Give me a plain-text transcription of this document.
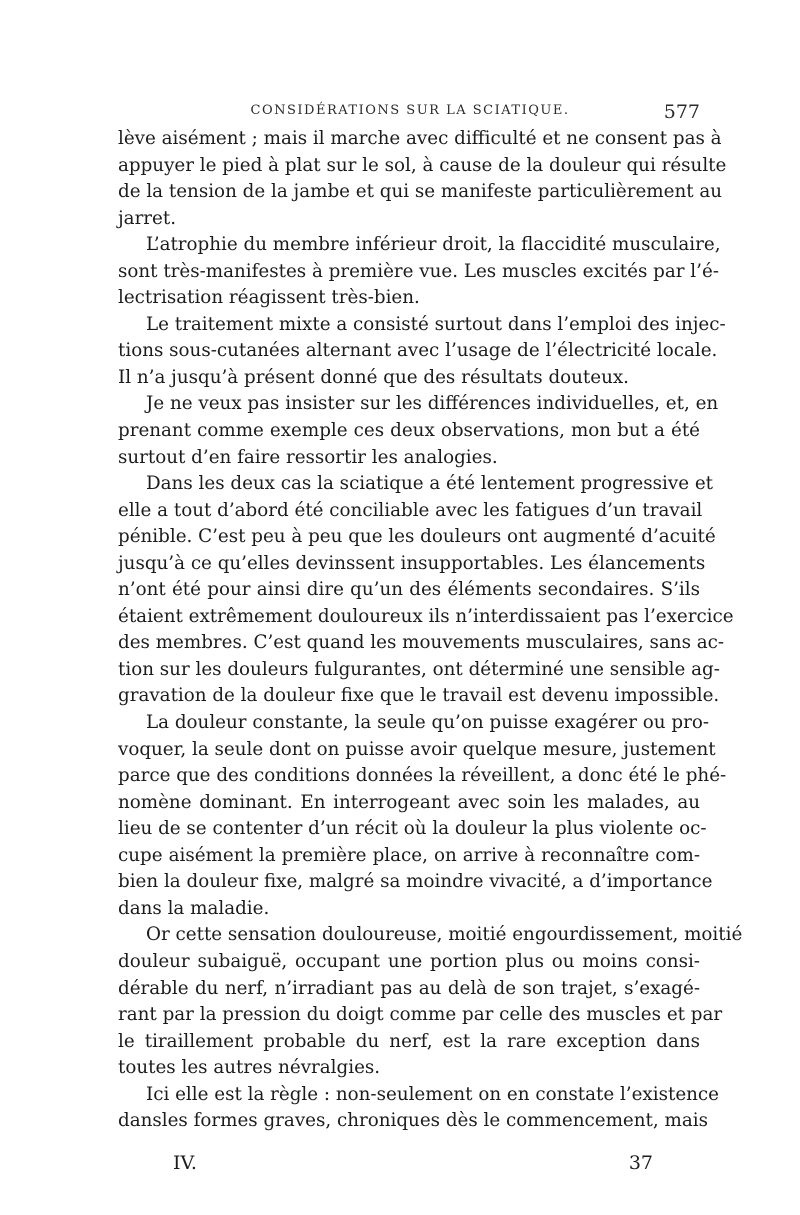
CONSIDÉRATIONS SUR LA SCIATIQUE.	577
lève aisément ; mais il marche avec difficulté et ne consent pas à
appuyer le pied à plat sur le sol, à cause de la douleur qui résulte
de la tension de la jambe et qui se manifeste particulièrement au
jarret.
L’atrophie du membre inférieur droit, la flaccidité musculaire,
sont très-manifestes à première vue. Les muscles excités par l’é-
lectrisation réagissent très-bien.
Le traitement mixte a consisté surtout dans l’emploi des injec-
tions sous-cutanées alternant avec l’usage de l’électricité locale.
Il n’a jusqu’à présent donné que des résultats douteux.
Je ne veux pas insister sur les différences individuelles, et, en
prenant comme exemple ces deux observations, mon but a été
surtout d’en faire ressortir les analogies.
Dans les deux cas la sciatique a été lentement progressive et
elle a tout d’abord été conciliable avec les fatigues d’un travail
pénible. C’est peu à peu que les douleurs ont augmenté d’acuité
jusqu’à ce qu’elles devinssent insupportables. Les élancements
n’ont été pour ainsi dire qu’un des éléments secondaires. S’ils
étaient extrêmement douloureux ils n’interdissaient pas l’exercice
des membres. C’est quand les mouvements musculaires, sans ac-
tion sur les douleurs fulgurantes, ont déterminé une sensible ag-
gravation de la douleur fixe que le travail est devenu impossible.
La douleur constante, la seule qu’on puisse exagérer ou pro-
voquer, la seule dont on puisse avoir quelque mesure, justement
parce que des conditions données la réveillent, a donc été le phé-
nomène dominant. En interrogeant avec soin les malades, au
lieu de se contenter d’un récit où la douleur la plus violente oc-
cupe aisément la première place, on arrive à reconnaître com-
bien la douleur fixe, malgré sa moindre vivacité, a d’importance
dans la maladie.
Or cette sensation douloureuse, moitié engourdissement, moitié
douleur subaiguë, occupant une portion plus ou moins consi-
dérable du nerf, n’irradiant pas au delà de son trajet, s’exagé-
rant par la pression du doigt comme par celle des muscles et par
le tiraillement probable du nerf, est la rare exception dans
toutes les autres névralgies.
Ici elle est la règle : non-seulement on en constate l’existence
dansles formes graves, chroniques dès le commencement, mais
IV.	37
